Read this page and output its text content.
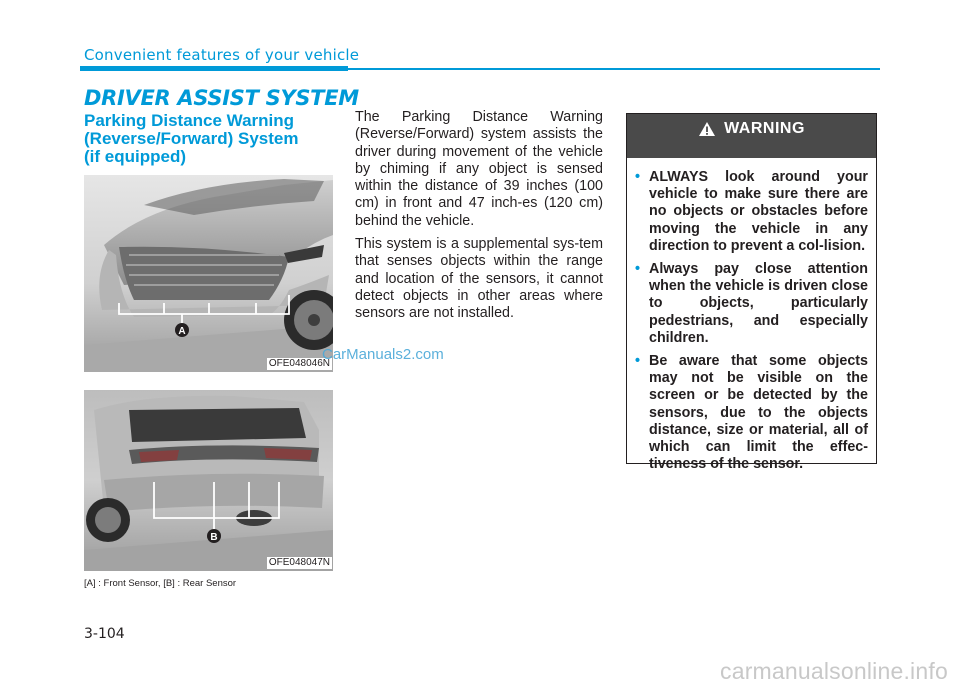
Convenient features of your vehicle
DRIVER ASSIST SYSTEM
Parking Distance Warning
(Reverse/Forward) System
(if equipped)
A
OFE048046N
B
OFE048047N
CarManuals2.com
[A] : Front Sensor, [B] : Rear Sensor

The Parking Distance Warning (Reverse/Forward) system assists the driver during movement of the vehicle by chiming if any object is sensed within the distance of 39 inches (100 cm) in front and 47 inch-es (120 cm) behind the vehicle.

This system is a supplemental sys-tem that senses objects within the range and location of the sensors, it cannot detect objects in other areas where sensors are not installed.

WARNING
• ALWAYS look around your vehicle to make sure there are no objects or obstacles before moving the vehicle in any direction to prevent a col-lision.
• Always pay close attention when the vehicle is driven close to objects, particularly pedestrians, and especially children.
• Be aware that some objects may not be visible on the screen or be detected by the sensors, due to the objects distance, size or material, all of which can limit the effec-tiveness of the sensor.
3-104
carmanualsonline.info
